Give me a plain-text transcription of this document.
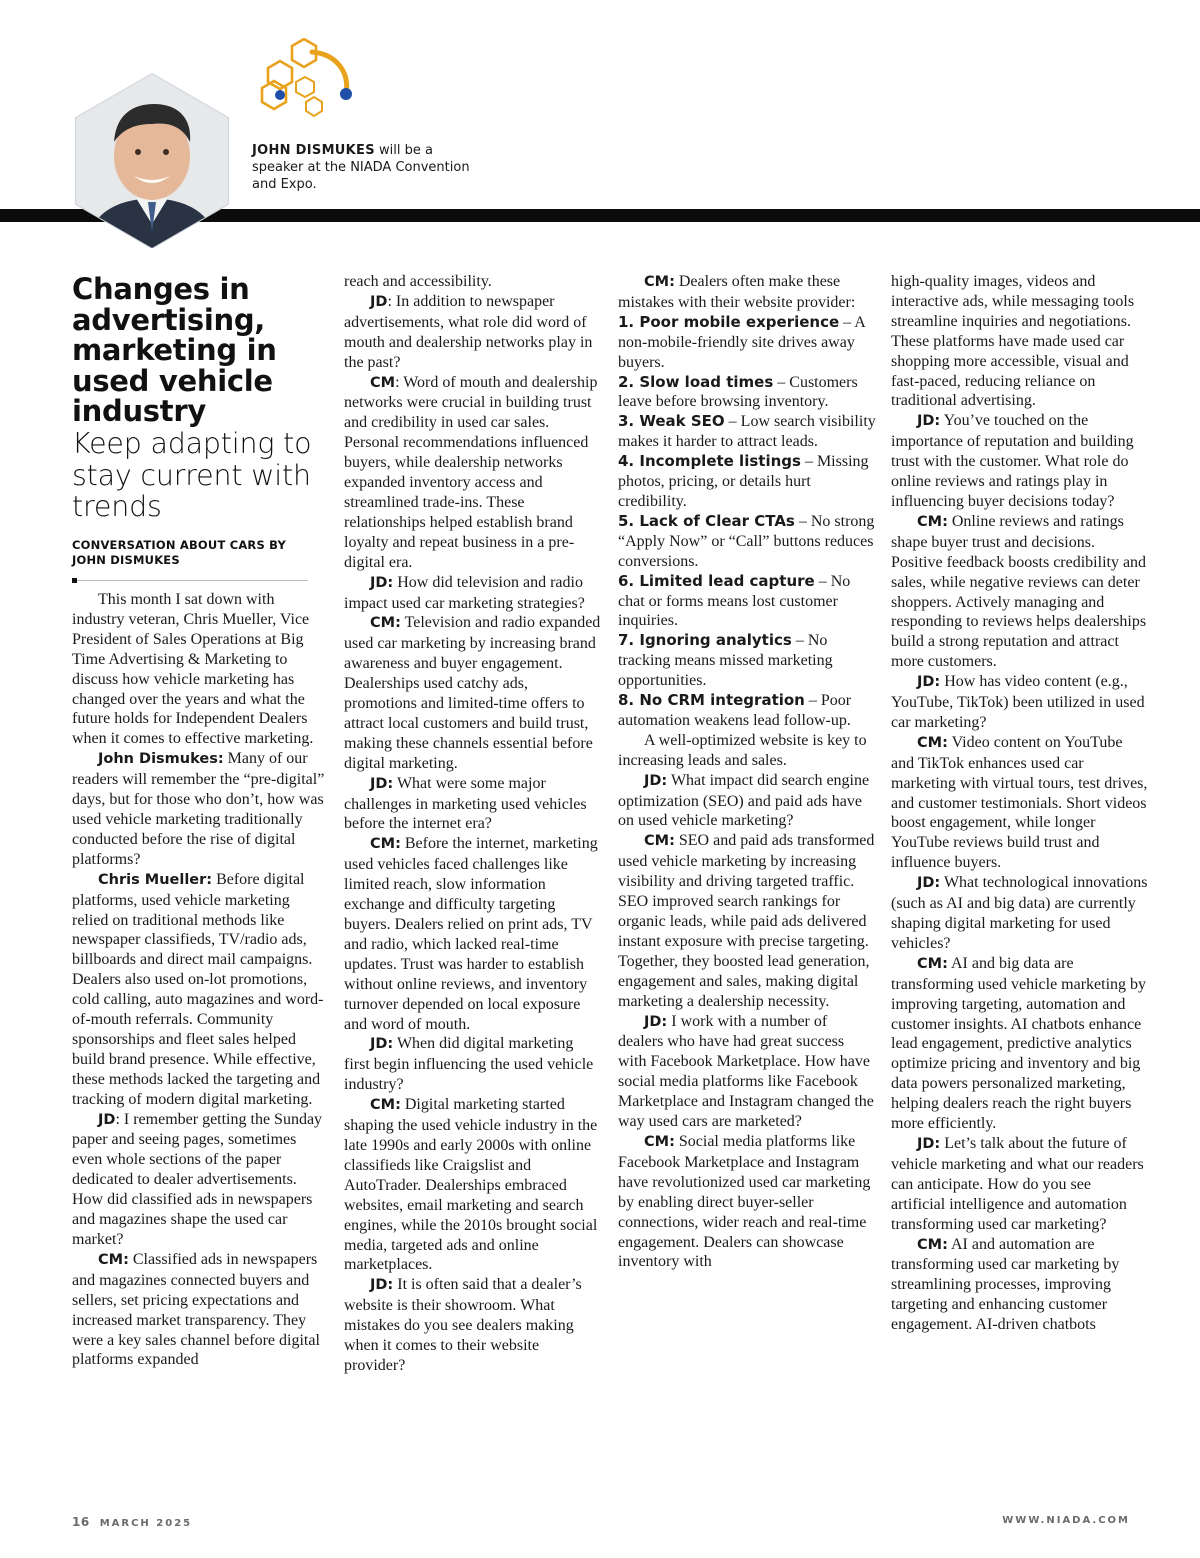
JOHN DISMUKES will be a speaker at the NIADA Convention and Expo.
Changes in advertising, marketing in used vehicle industry
Keep adapting to stay current with trends

CONVERSATION ABOUT CARS BY JOHN DISMUKES

This month I sat down with industry veteran, Chris Mueller, Vice President of Sales Operations at Big Time Advertising & Marketing to discuss how vehicle marketing has changed over the years and what the future holds for Independent Dealers when it comes to effective marketing.

John Dismukes: Many of our readers will remember the “pre-digital” days, but for those who don’t, how was used vehicle marketing traditionally conducted before the rise of digital platforms?

Chris Mueller: Before digital platforms, used vehicle marketing relied on traditional methods like newspaper classifieds, TV/radio ads, billboards and direct mail campaigns. Dealers also used on-lot promotions, cold calling, auto magazines and word-of-mouth referrals. Community sponsorships and fleet sales helped build brand presence. While effective, these methods lacked the targeting and tracking of modern digital marketing.

JD: I remember getting the Sunday paper and seeing pages, sometimes even whole sections of the paper dedicated to dealer advertisements. How did classified ads in newspapers and magazines shape the used car market?

CM: Classified ads in newspapers and magazines connected buyers and sellers, set pricing expectations and increased market transparency. They were a key sales channel before digital platforms expanded

reach and accessibility.

JD: In addition to newspaper advertisements, what role did word of mouth and dealership networks play in the past?

CM: Word of mouth and dealership networks were crucial in building trust and credibility in used car sales. Personal recommendations influenced buyers, while dealership networks expanded inventory access and streamlined trade-ins. These relationships helped establish brand loyalty and repeat business in a pre-digital era.

JD: How did television and radio impact used car marketing strategies?

CM: Television and radio expanded used car marketing by increasing brand awareness and buyer engagement. Dealerships used catchy ads, promotions and limited-time offers to attract local customers and build trust, making these channels essential before digital marketing.

JD: What were some major challenges in marketing used vehicles before the internet era?

CM: Before the internet, marketing used vehicles faced challenges like limited reach, slow information exchange and difficulty targeting buyers. Dealers relied on print ads, TV and radio, which lacked real-time updates. Trust was harder to establish without online reviews, and inventory turnover depended on local exposure and word of mouth.

JD: When did digital marketing first begin influencing the used vehicle industry?

CM: Digital marketing started shaping the used vehicle industry in the late 1990s and early 2000s with online classifieds like Craigslist and AutoTrader. Dealerships embraced websites, email marketing and search engines, while the 2010s brought social media, targeted ads and online marketplaces.

JD: It is often said that a dealer’s website is their showroom. What mistakes do you see dealers making when it comes to their website provider?

CM: Dealers often make these mistakes with their website provider:

1. Poor mobile experience – A non-mobile-friendly site drives away buyers.

2. Slow load times – Customers leave before browsing inventory.

3. Weak SEO – Low search visibility makes it harder to attract leads.

4. Incomplete listings – Missing photos, pricing, or details hurt credibility.

5. Lack of Clear CTAs – No strong “Apply Now” or “Call” buttons reduces conversions.

6. Limited lead capture – No chat or forms means lost customer inquiries.

7. Ignoring analytics – No tracking means missed marketing opportunities.

8. No CRM integration – Poor automation weakens lead follow-up.

A well-optimized website is key to increasing leads and sales.

JD: What impact did search engine optimization (SEO) and paid ads have on used vehicle marketing?

CM: SEO and paid ads transformed used vehicle marketing by increasing visibility and driving targeted traffic. SEO improved search rankings for organic leads, while paid ads delivered instant exposure with precise targeting. Together, they boosted lead generation, engagement and sales, making digital marketing a dealership necessity.

JD: I work with a number of dealers who have had great success with Facebook Marketplace. How have social media platforms like Facebook Marketplace and Instagram changed the way used cars are marketed?

CM: Social media platforms like Facebook Marketplace and Instagram have revolutionized used car marketing by enabling direct buyer-seller connections, wider reach and real-time engagement. Dealers can showcase inventory with

high-quality images, videos and interactive ads, while messaging tools streamline inquiries and negotiations. These platforms have made used car shopping more accessible, visual and fast-paced, reducing reliance on traditional advertising.

JD: You’ve touched on the importance of reputation and building trust with the customer. What role do online reviews and ratings play in influencing buyer decisions today?

CM: Online reviews and ratings shape buyer trust and decisions. Positive feedback boosts credibility and sales, while negative reviews can deter shoppers. Actively managing and responding to reviews helps dealerships build a strong reputation and attract more customers.

JD: How has video content (e.g., YouTube, TikTok) been utilized in used car marketing?

CM: Video content on YouTube and TikTok enhances used car marketing with virtual tours, test drives, and customer testimonials. Short videos boost engagement, while longer YouTube reviews build trust and influence buyers.

JD: What technological innovations (such as AI and big data) are currently shaping digital marketing for used vehicles?

CM: AI and big data are transforming used vehicle marketing by improving targeting, automation and customer insights. AI chatbots enhance lead engagement, predictive analytics optimize pricing and inventory and big data powers personalized marketing, helping dealers reach the right buyers more efficiently.

JD: Let’s talk about the future of vehicle marketing and what our readers can anticipate. How do you see artificial intelligence and automation transforming used car marketing?

CM: AI and automation are transforming used car marketing by streamlining processes, improving targeting and enhancing customer engagement. AI-driven chatbots

16 MARCH 2025	WWW.NIADA.COM
